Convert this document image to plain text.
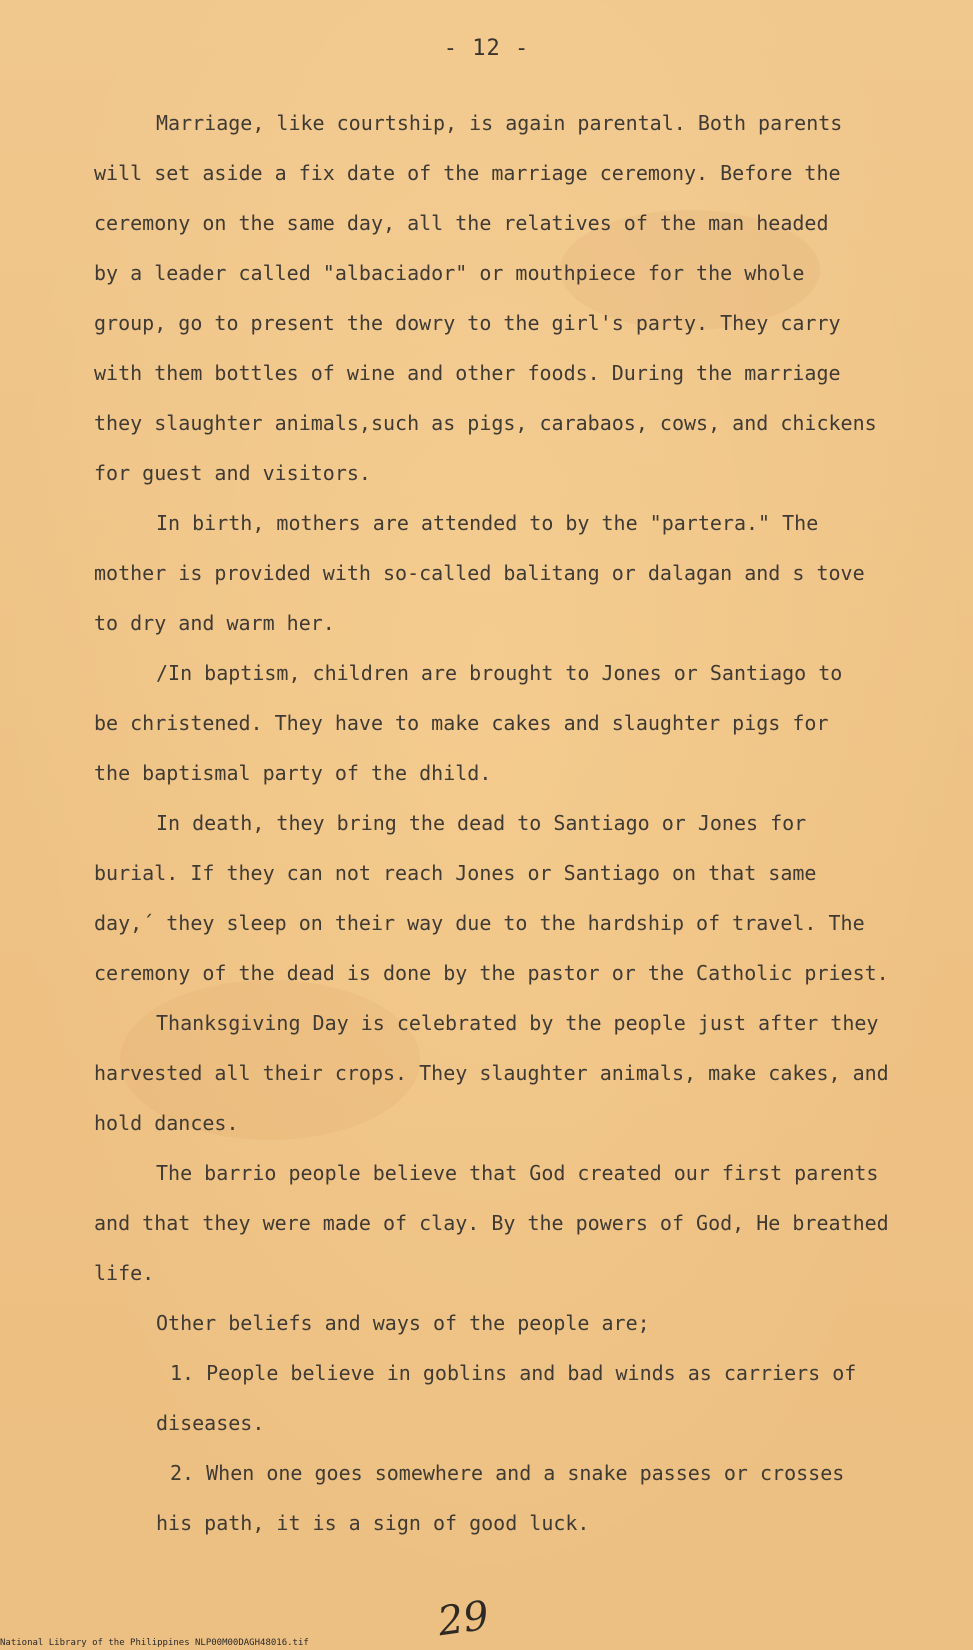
- 12 -
Marriage, like courtship, is again parental. Both parents
will set aside a fix date of the marriage ceremony. Before the
ceremony on the same day, all the relatives of the man headed
by a leader called "albaciador" or mouthpiece for the whole
group, go to present the dowry to the girl's party. They carry
with them bottles of wine and other foods. During the marriage
they slaughter animals,such as pigs, carabaos, cows, and chickens
for guest and visitors.
In birth, mothers are attended to by the "partera." The
mother is provided with so-called balitang or dalagan and s tove
to dry and warm her.
/In baptism, children are brought to Jones or Santiago to
be christened. They have to make cakes and slaughter pigs for
the baptismal party of the dhild.
In death, they bring the dead to Santiago or Jones for
burial. If they can not reach Jones or Santiago on that same
day,´ they sleep on their way due to the hardship of travel. The
ceremony of the dead is done by the pastor or the Catholic priest.
Thanksgiving Day is celebrated by the people just after they
harvested all their crops. They slaughter animals, make cakes, and
hold dances.
The barrio people believe that God created our first parents
and that they were made of clay. By the powers of God, He breathed
life.
Other beliefs and ways of the people are;
1. People believe in goblins and bad winds as carriers of
diseases.
2. When one goes somewhere and a snake passes or crosses
his path, it is a sign of good luck.
29
National Library of the Philippines NLP00M00DAGH48016.tif
